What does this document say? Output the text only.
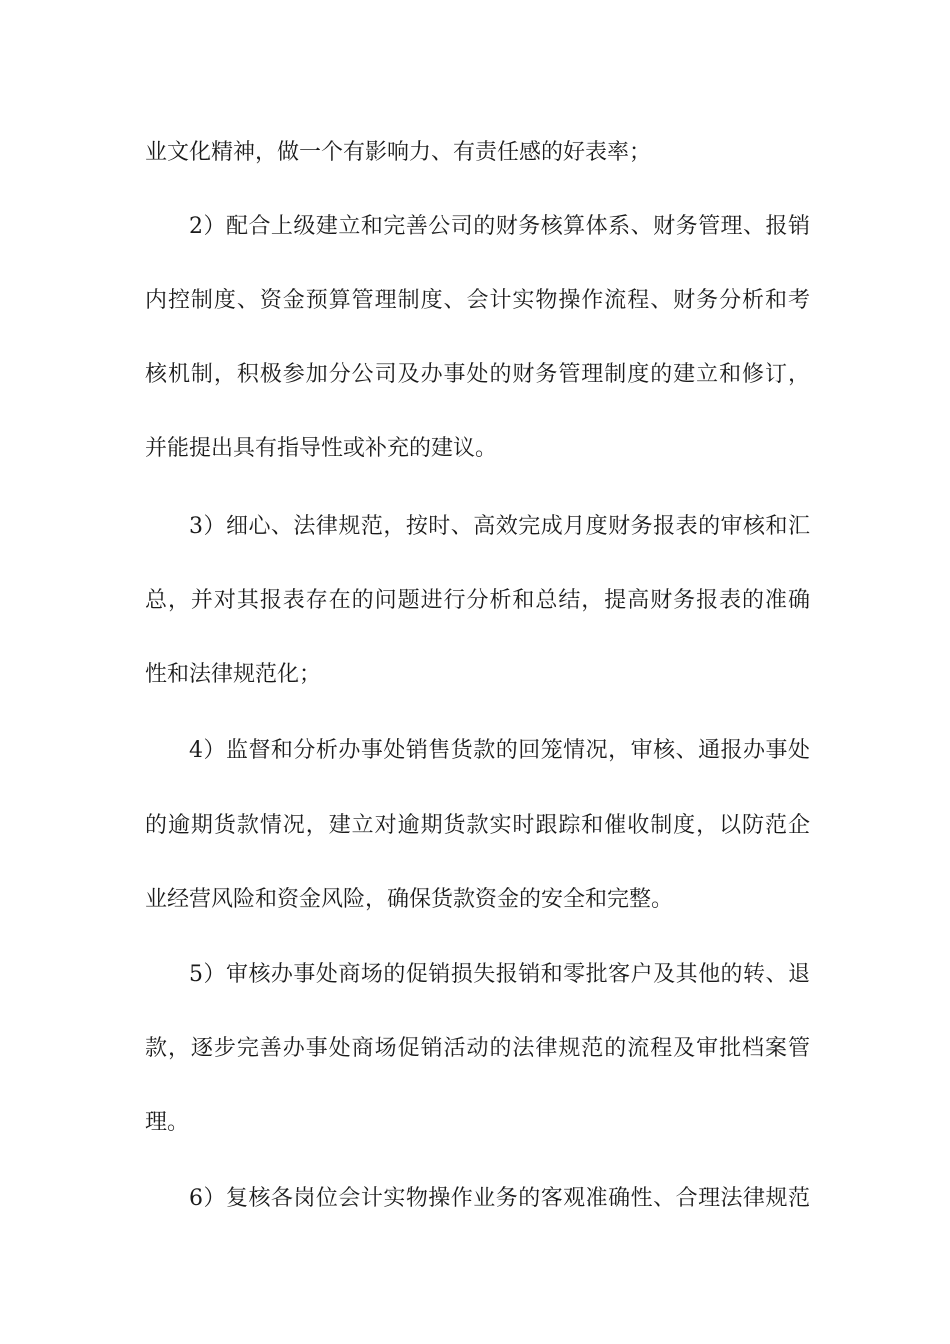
业文化精神，做一个有影响力、有责任感的好表率；
2）配合上级建立和完善公司的财务核算体系、财务管理、报销
内控制度、资金预算管理制度、会计实物操作流程、财务分析和考
核机制，积极参加分公司及办事处的财务管理制度的建立和修订，
并能提出具有指导性或补充的建议。
3）细心、法律规范，按时、高效完成月度财务报表的审核和汇
总，并对其报表存在的问题进行分析和总结，提高财务报表的准确
性和法律规范化；
4）监督和分析办事处销售货款的回笼情况，审核、通报办事处
的逾期货款情况，建立对逾期货款实时跟踪和催收制度，以防范企
业经营风险和资金风险，确保货款资金的安全和完整。
5）审核办事处商场的促销损失报销和零批客户及其他的转、退
款，逐步完善办事处商场促销活动的法律规范的流程及审批档案管
理。
6）复核各岗位会计实物操作业务的客观准确性、合理法律规范
